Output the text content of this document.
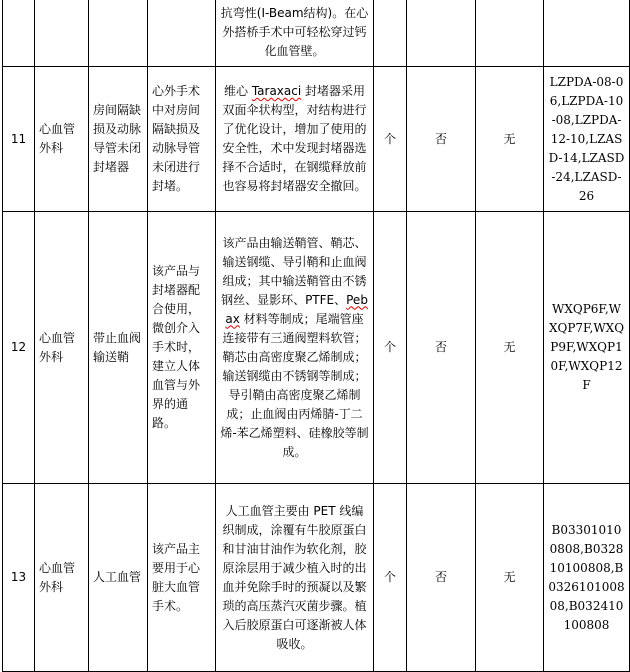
				抗弯性(I-Beam结构)。在心外搭桥手术中可轻松穿过钙化血管壁。				
11	心血管外科	房间隔缺损及动脉导管未闭封堵器	心外手术中对房间隔缺损及动脉导管未闭进行封堵。	维心 Taraxaci 封堵器采用双面伞状构型，对结构进行了优化设计，增加了使用的安全性，术中发现封堵器选择不合适时，在钢缆释放前也容易将封堵器安全撤回。	个	否	无	LZPDA-08-06,LZPDA-10-08,LZPDA-12-10,LZASD-14,LZASD-24,LZASD-26
12	心血管外科	带止血阀输送鞘	该产品与封堵器配合使用，微创介入手术时，建立人体血管与外界的通路。	该产品由输送鞘管、鞘芯、输送钢缆、导引鞘和止血阀组成；其中输送鞘管由不锈钢丝、显影环、PTFE、Pebax 材料等制成；尾端管座连接带有三通阀塑料软管；鞘芯由高密度聚乙烯制成；输送钢缆由不锈钢等制成；导引鞘由高密度聚乙烯制成；止血阀由丙烯腈-丁二烯-苯乙烯塑料、硅橡胶等制成。	个	否	无	WXQP6F,WXQP7F,WXQP9F,WXQP10F,WXQP12F
13	心血管外科	人工血管	该产品主要用于心脏大血管手术。	人工血管主要由 PET 线编织制成，涂覆有牛胶原蛋白和甘油甘油作为软化剂，胶原涂层用于减少植入时的出血并免除手时的预凝以及繁琐的高压蒸汽灭菌步骤。植入后胶原蛋白可逐渐被人体吸收。	个	否	无	B033010100808,B032810100808,B032610100808,B032410100808
